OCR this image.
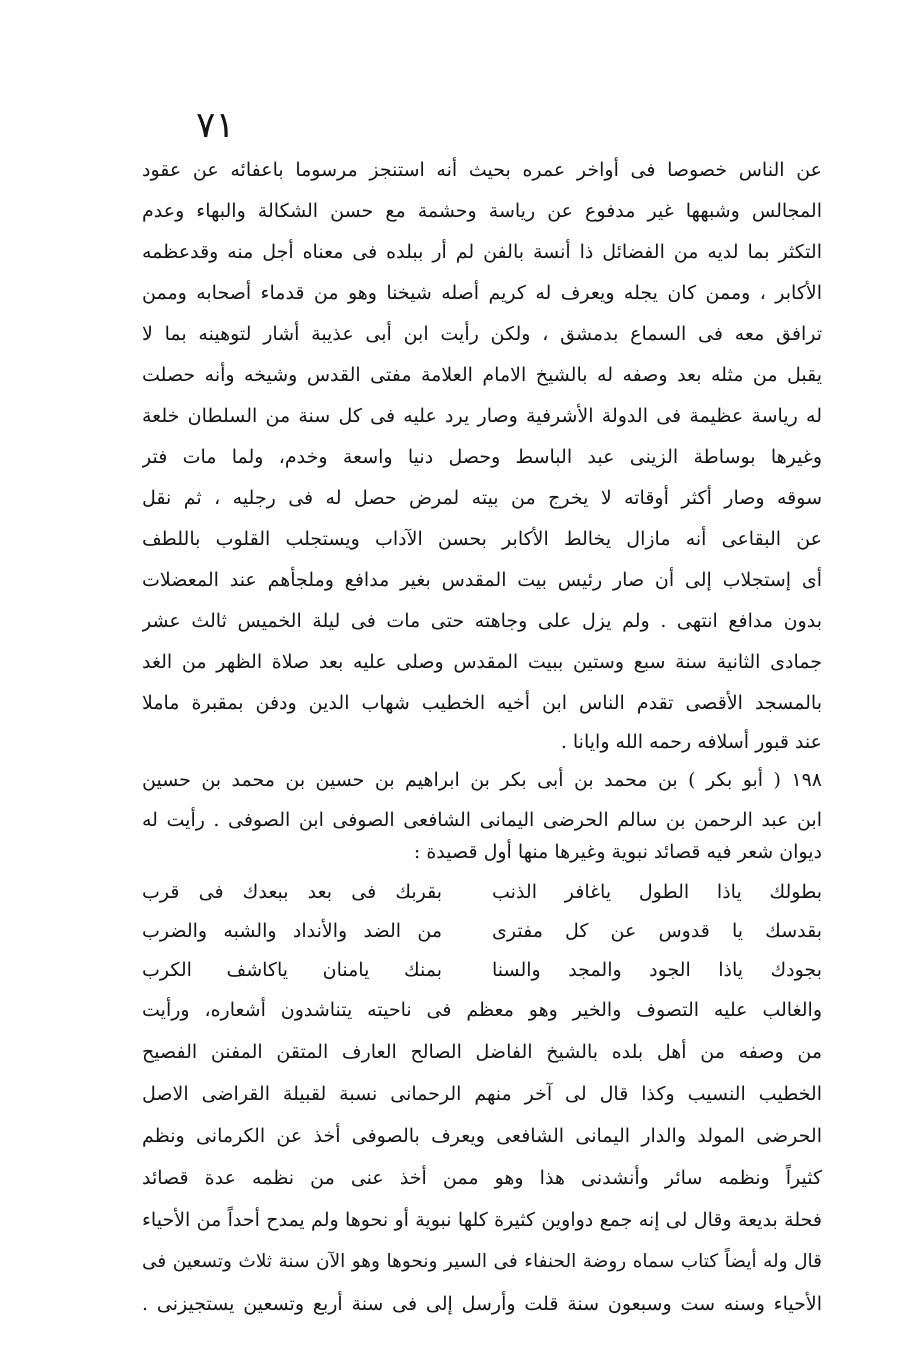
٧١
عن الناس خصوصا فى أواخر عمره بحيث أنه استنجز مرسوما باعفائه عن عقود
المجالس وشبهها غير مدفوع عن رياسة وحشمة مع حسن الشكالة والبهاء وعدم
التكثر بما لديه من الفضائل ذا أنسة بالفن لم أر ببلده فى معناه أجل منه وقدعظمه
الأكابر ، وممن كان يجله ويعرف له كريم أصله شيخنا وهو من قدماء أصحابه وممن
ترافق معه فى السماع بدمشق ، ولكن رأيت ابن أبى عذيبة أشار لتوهينه بما لا
يقبل من مثله بعد وصفه له بالشيخ الامام العلامة مفتى القدس وشيخه وأنه حصلت
له رياسة عظيمة فى الدولة الأشرفية وصار يرد عليه فى كل سنة من السلطان خلعة
وغيرها بوساطة الزينى عبد الباسط وحصل دنيا واسعة وخدم، ولما مات فتر
سوقه وصار أكثر أوقاته لا يخرج من بيته لمرض حصل له فى رجليه ، ثم نقل
عن البقاعى أنه مازال يخالط الأكابر بحسن الآداب ويستجلب القلوب باللطف
أى إستجلاب إلى أن صار رئيس بيت المقدس بغير مدافع وملجأهم عند المعضلات
بدون مدافع انتهى . ولم يزل على وجاهته حتى مات فى ليلة الخميس ثالث عشر
جمادى الثانية سنة سبع وستين ببيت المقدس وصلى عليه بعد صلاة الظهر من الغد
بالمسجد الأقصى تقدم الناس ابن أخيه الخطيب شهاب الدين ودفن بمقبرة ماملا
عند قبور أسلافه رحمه الله وايانا .
١٩٨ ( أبو بكر ) بن محمد بن أبى بكر بن ابراهيم بن حسين بن محمد بن حسين
ابن عبد الرحمن بن سالم الحرضى اليمانى الشافعى الصوفى ابن الصوفى . رأيت له
ديوان شعر فيه قصائد نبوية وغيرها منها أول قصيدة :
بطولك ياذا الطول ياغافر الذنب
بقربك فى بعد ببعدك فى قرب
بقدسك يا قدوس عن كل مفترى
من الضد والأنداد والشبه والضرب
بجودك ياذا الجود والمجد والسنا
بمنك يامنان ياكاشف الكرب
والغالب عليه التصوف والخير وهو معظم فى ناحيته يتناشدون أشعاره، ورأيت
من وصفه من أهل بلده بالشيخ الفاضل الصالح العارف المتقن المفنن الفصيح
الخطيب النسيب وكذا قال لى آخر منهم الرحمانى نسبة لقبيلة القراضى الاصل
الحرضى المولد والدار اليمانى الشافعى ويعرف بالصوفى أخذ عن الكرمانى ونظم
كثيراً ونظمه سائر وأنشدنى هذا وهو ممن أخذ عنى من نظمه عدة قصائد
فحلة بديعة وقال لى إنه جمع دواوين كثيرة كلها نبوية أو نحوها ولم يمدح أحداً من الأحياء
قال وله أيضاً كتاب سماه روضة الحنفاء فى السير ونحوها وهو الآن سنة ثلاث وتسعين فى
الأحياء وسنه ست وسبعون سنة قلت وأرسل إلى فى سنة أربع وتسعين يستجيزنى .
